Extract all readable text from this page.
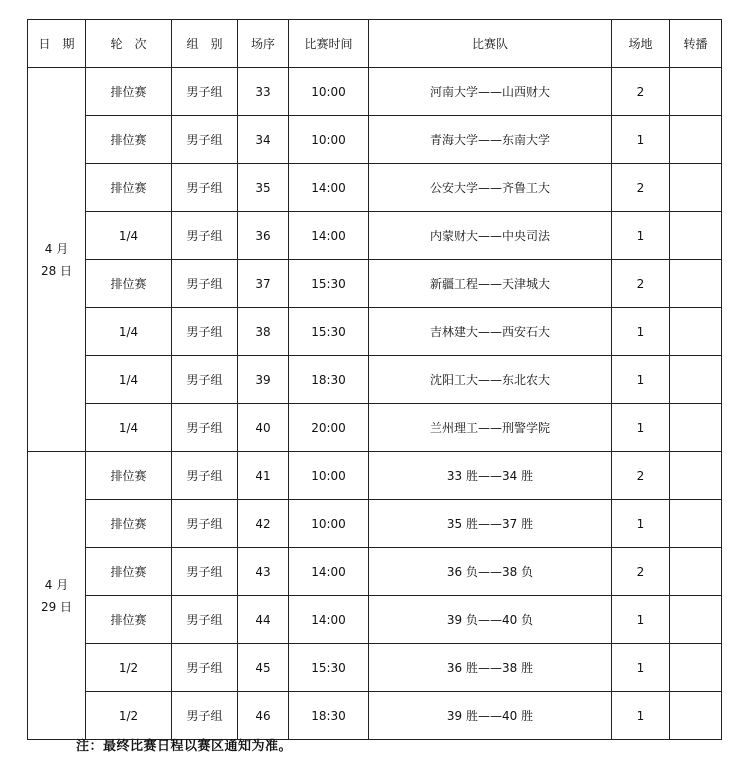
日　期	轮　次	组　别	场序	比赛时间	比赛队	场地	转播

4 月
28 日	排位赛	男子组	33	10:00	河南大学——山西财大	2	
	排位赛	男子组	34	10:00	青海大学——东南大学	1	
	排位赛	男子组	35	14:00	公安大学——齐鲁工大	2	
	1/4	男子组	36	14:00	内蒙财大——中央司法	1	
	排位赛	男子组	37	15:30	新疆工程——天津城大	2	
	1/4	男子组	38	15:30	吉林建大——西安石大	1	
	1/4	男子组	39	18:30	沈阳工大——东北农大	1	
	1/4	男子组	40	20:00	兰州理工——刑警学院	1	

4 月
29 日	排位赛	男子组	41	10:00	33 胜——34 胜	2	
	排位赛	男子组	42	10:00	35 胜——37 胜	1	
	排位赛	男子组	43	14:00	36 负——38 负	2	
	排位赛	男子组	44	14:00	39 负——40 负	1	
	1/2	男子组	45	15:30	36 胜——38 胜	1	
	1/2	男子组	46	18:30	39 胜——40 胜	1	
注：最终比赛日程以赛区通知为准。
